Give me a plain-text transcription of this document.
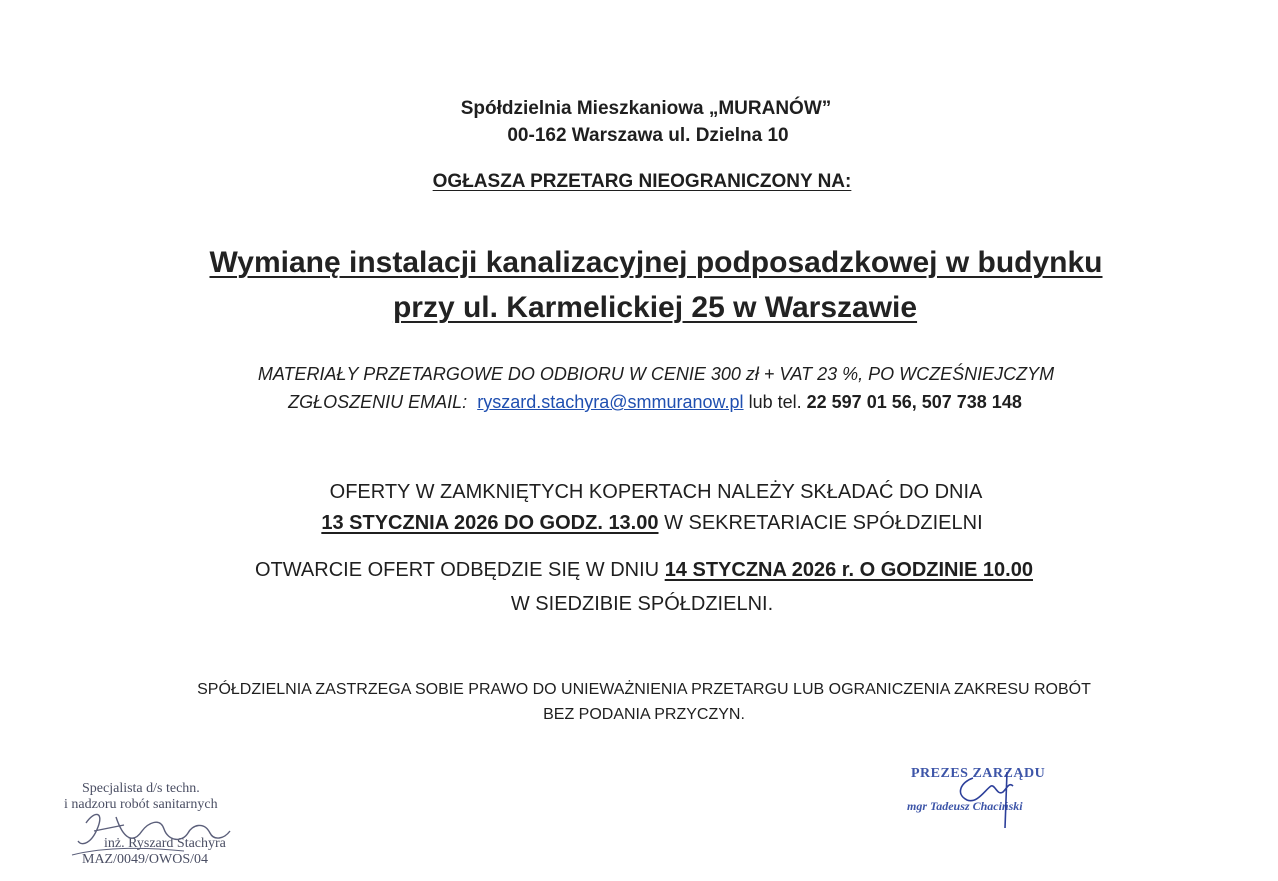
Spółdzielnia Mieszkaniowa „MURANÓW”
00-162 Warszawa ul. Dzielna 10
OGŁASZA PRZETARG NIEOGRANICZONY NA:
Wymianę instalacji kanalizacyjnej podposadzkowej w budynku
przy ul. Karmelickiej 25 w Warszawie
MATERIAŁY PRZETARGOWE DO ODBIORU W CENIE 300 zł + VAT 23 %, PO WCZEŚNIEJCZYM
ZGŁOSZENIU EMAIL: ryszard.stachyra@smmuranow.pl lub tel. 22 597 01 56, 507 738 148
OFERTY W ZAMKNIĘTYCH KOPERTACH NALEŻY SKŁADAĆ DO DNIA
13 STYCZNIA 2026 DO GODZ. 13.00 W SEKRETARIACIE SPÓŁDZIELNI
OTWARCIE OFERT ODBĘDZIE SIĘ W DNIU 14 STYCZNA 2026 r. O GODZINIE 10.00
W SIEDZIBIE SPÓŁDZIELNI.
SPÓŁDZIELNIA ZASTRZEGA SOBIE PRAWO DO UNIEWAŻNIENIA PRZETARGU LUB OGRANICZENIA ZAKRESU ROBÓT
BEZ PODANIA PRZYCZYN.
Specjalista d/s techn.
i nadzoru robót sanitarnych
inż. Ryszard Stachyra
MAZ/0049/OWOS/04
PREZES ZARZĄDU
mgr Tadeusz Chaciński
